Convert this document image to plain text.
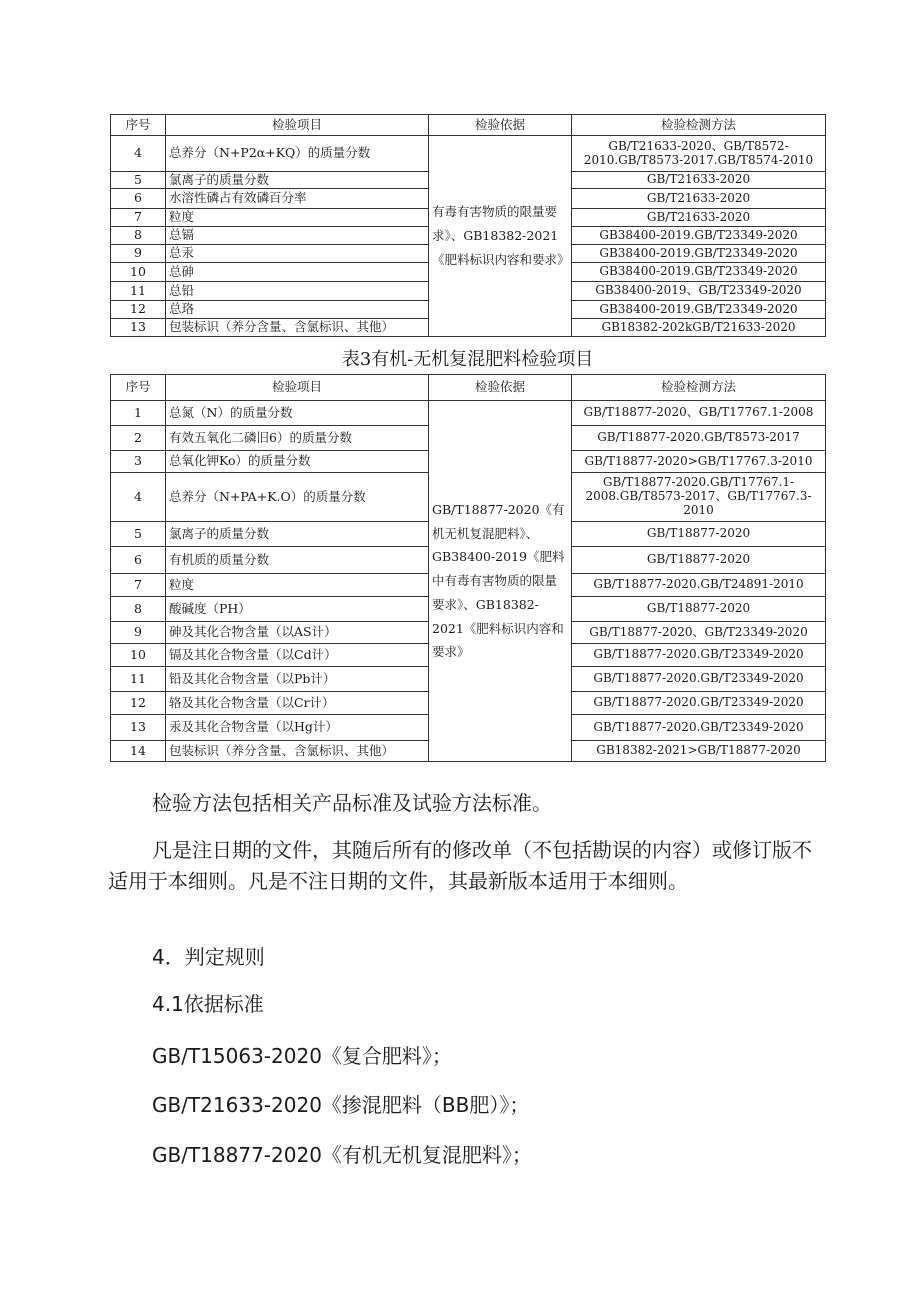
序号	检验项目	检验依据	检验检测方法
4	总养分（N+P2α+KQ）的质量分数	有毒有害物质的限量要求》、GB18382-2021《肥料标识内容和要求》	GB/T21633-2020、GB/T8572-2010.GB/T8573-2017.GB/T8574-2010
5	氯离子的质量分数		GB/T21633-2020
6	水溶性磷占有效磷百分率		GB/T21633-2020
7	粒度		GB/T21633-2020
8	总镉		GB38400-2019.GB/T23349-2020
9	总汞		GB38400-2019.GB/T23349-2020
10	总砷		GB38400-2019.GB/T23349-2020
11	总铅		GB38400-2019、GB/T23349-2020
12	总珞		GB38400-2019.GB/T23349-2020
13	包装标识（养分含量、含氯标识、其他）		GB18382-202kGB/T21633-2020
表3有机-无机复混肥料检验项目
序号	检验项目	检验依据	检验检测方法
1	总氮（N）的质量分数	GB/T18877-2020《有机无机复混肥料》、GB38400-2019《肥料中有毒有害物质的限量要求》、GB18382-2021《肥料标识内容和要求》	GB/T18877-2020、GB/T17767.1-2008
2	有效五氧化二磷旧6）的质量分数		GB/T18877-2020.GB/T8573-2017
3	总氧化钾Ko）的质量分数		GB/T18877-2020>GB/T17767.3-2010
4	总养分（N+PA+K.O）的质量分数		GB/T18877-2020.GB/T17767.1-2008.GB/T8573-2017、GB/T17767.3-2010
5	氯离子的质量分数		GB/T18877-2020
6	有机质的质量分数		GB/T18877-2020
7	粒度		GB/T18877-2020.GB/T24891-2010
8	酸碱度（PH）		GB/T18877-2020
9	砷及其化合物含量（以AS计）		GB/T18877-2020、GB/T23349-2020
10	镉及其化合物含量（以Cd计）		GB/T18877-2020.GB/T23349-2020
11	铅及其化合物含量（以Pb计）		GB/T18877-2020.GB/T23349-2020
12	辂及其化合物含量（以Cr计）		GB/T18877-2020.GB/T23349-2020
13	汞及其化合物含量（以Hg计）		GB/T18877-2020.GB/T23349-2020
14	包装标识（养分含量、含氯标识、其他）		GB18382-2021>GB/T18877-2020

检验方法包括相关产品标准及试验方法标准。

凡是注日期的文件，其随后所有的修改单（不包括勘误的内容）或修订版不适用于本细则。凡是不注日期的文件，其最新版本适用于本细则。

4．判定规则

4.1依据标准

GB/T15063-2020《复合肥料》；

GB/T21633-2020《掺混肥料（BB肥）》；

GB/T18877-2020《有机无机复混肥料》；
